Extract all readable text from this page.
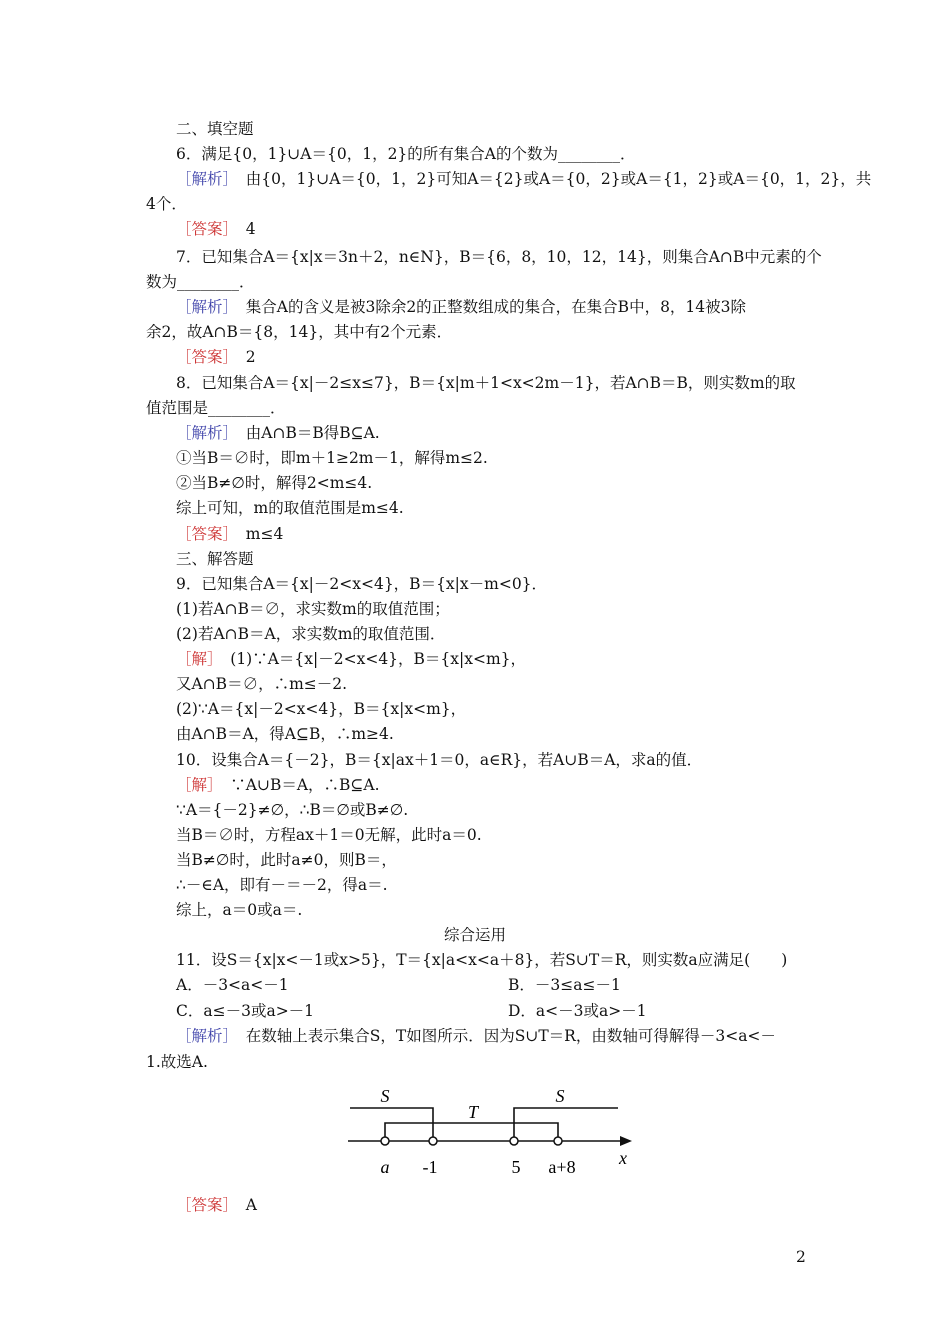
二、填空题
6．满足{0，1}∪A＝{0，1，2}的所有集合A的个数为________．
［解析］　由{0，1}∪A＝{0，1，2}可知A＝{2}或A＝{0，2}或A＝{1，2}或A＝{0，1，2}，共
4个．
［答案］　4
7．已知集合A＝{x|x＝3n＋2，n∈N}，B＝{6，8，10，12，14}，则集合A∩B中元素的个
数为________．
［解析］　集合A的含义是被3除余2的正整数组成的集合，在集合B中，8，14被3除
余2，故A∩B＝{8，14}，其中有2个元素．
［答案］　2
8．已知集合A＝{x|－2≤x≤7}，B＝{x|m＋1<x<2m－1}，若A∩B＝B，则实数m的取
值范围是________．
［解析］　由A∩B＝B得B⊆A.
①当B＝∅时，即m＋1≥2m－1，解得m≤2.
②当B≠∅时，解得2<m≤4.
综上可知，m的取值范围是m≤4.
［答案］　m≤4
三、解答题
9．已知集合A＝{x|－2<x<4}，B＝{x|x－m<0}．
(1)若A∩B＝∅，求实数m的取值范围；
(2)若A∩B＝A，求实数m的取值范围．
［解］　(1)∵A＝{x|－2<x<4}，B＝{x|x<m}，
又A∩B＝∅，∴m≤－2.
(2)∵A＝{x|－2<x<4}，B＝{x|x<m}，
由A∩B＝A，得A⊆B，∴m≥4.
10．设集合A＝{－2}，B＝{x|ax＋1＝0，a∈R}，若A∪B＝A，求a的值．
［解］　∵A∪B＝A，∴B⊆A.
∵A＝{－2}≠∅，∴B＝∅或B≠∅.
当B＝∅时，方程ax＋1＝0无解，此时a＝0.
当B≠∅时，此时a≠0，则B＝，
∴－∈A，即有－＝－2，得a＝.
综上，a＝0或a＝.
综合运用
11．设S＝{x|x<－1或x>5}，T＝{x|a<x<a＋8}，若S∪T＝R，则实数a应满足(　　)
A．－3<a<－1	B．－3≤a≤－1
C．a≤－3或a>－1	D．a<－3或a>－1
［解析］　在数轴上表示集合S，T如图所示．因为S∪T＝R，由数轴可得解得－3<a<－
1.故选A.
S
T
S
a -1	5 a+8 x
［答案］　A
2
